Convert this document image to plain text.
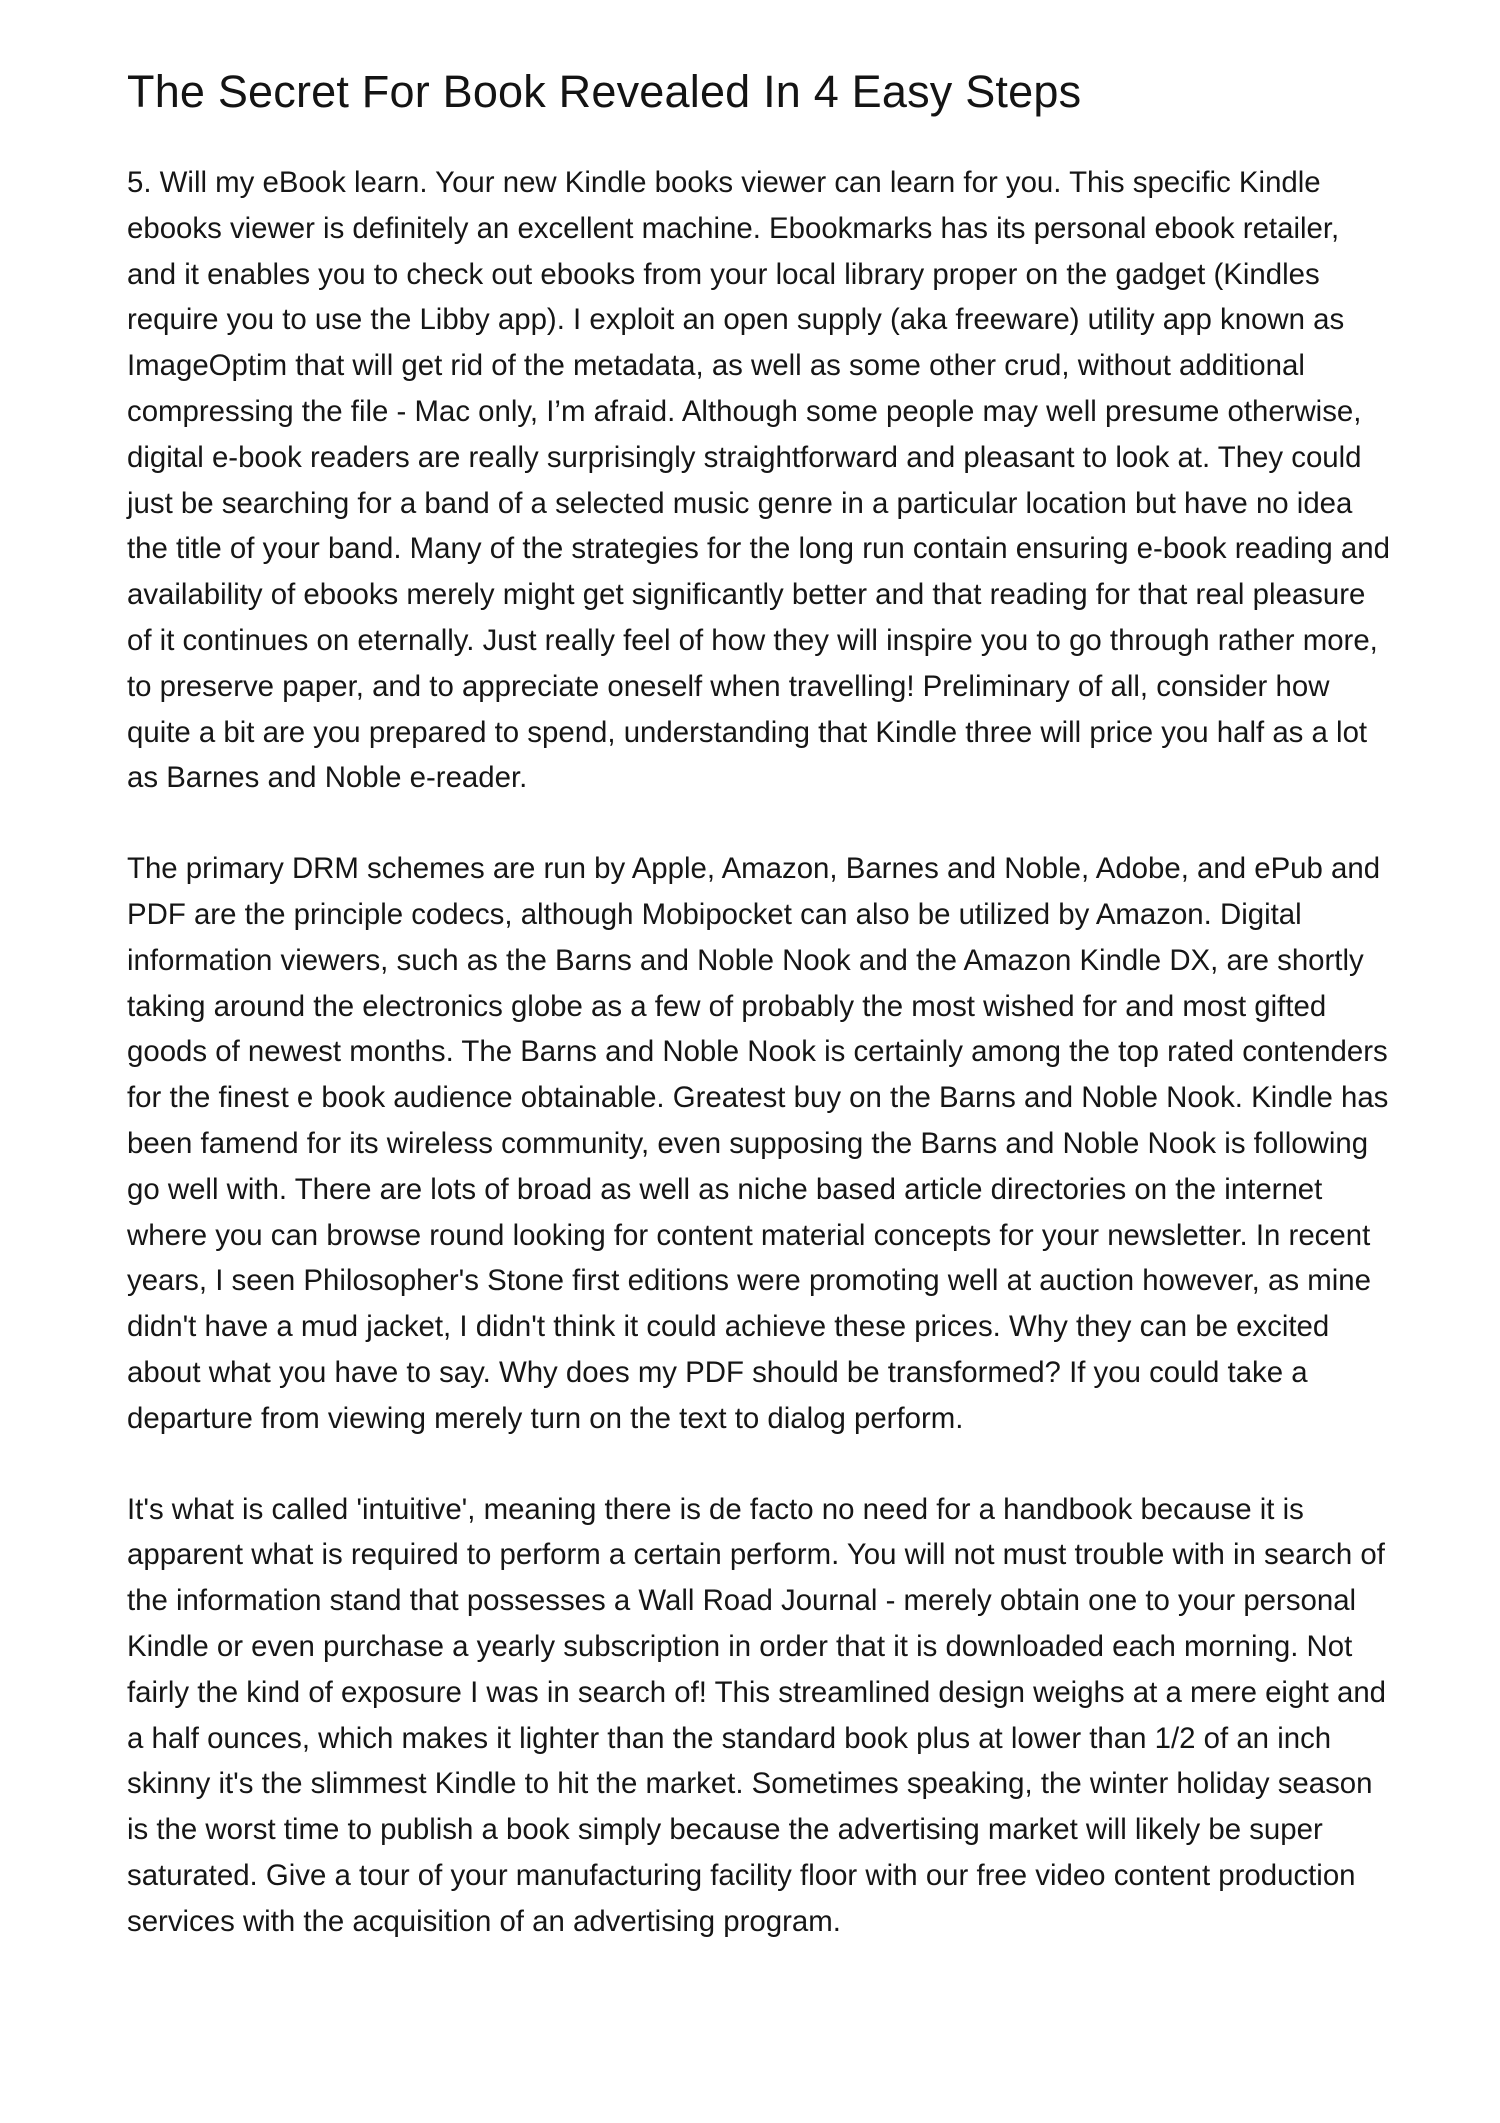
The Secret For Book Revealed In 4 Easy Steps

5. Will my eBook learn. Your new Kindle books viewer can learn for you. This specific Kindle ebooks viewer is definitely an excellent machine. Ebookmarks has its personal ebook retailer, and it enables you to check out ebooks from your local library proper on the gadget (Kindles require you to use the Libby app). I exploit an open supply (aka freeware) utility app known as ImageOptim that will get rid of the metadata, as well as some other crud, without additional compressing the file - Mac only, I’m afraid. Although some people may well presume otherwise, digital e-book readers are really surprisingly straightforward and pleasant to look at. They could just be searching for a band of a selected music genre in a particular location but have no idea the title of your band. Many of the strategies for the long run contain ensuring e-book reading and availability of ebooks merely might get significantly better and that reading for that real pleasure of it continues on eternally. Just really feel of how they will inspire you to go through rather more, to preserve paper, and to appreciate oneself when travelling! Preliminary of all, consider how quite a bit are you prepared to spend, understanding that Kindle three will price you half as a lot as Barnes and Noble e-reader.

The primary DRM schemes are run by Apple, Amazon, Barnes and Noble, Adobe, and ePub and PDF are the principle codecs, although Mobipocket can also be utilized by Amazon. Digital information viewers, such as the Barns and Noble Nook and the Amazon Kindle DX, are shortly taking around the electronics globe as a few of probably the most wished for and most gifted goods of newest months. The Barns and Noble Nook is certainly among the top rated contenders for the finest e book audience obtainable. Greatest buy on the Barns and Noble Nook. Kindle has been famend for its wireless community, even supposing the Barns and Noble Nook is following go well with. There are lots of broad as well as niche based article directories on the internet where you can browse round looking for content material concepts for your newsletter. In recent years, I seen Philosopher's Stone first editions were promoting well at auction however, as mine didn't have a mud jacket, I didn't think it could achieve these prices. Why they can be excited about what you have to say. Why does my PDF should be transformed? If you could take a departure from viewing merely turn on the text to dialog perform.

It's what is called 'intuitive', meaning there is de facto no need for a handbook because it is apparent what is required to perform a certain perform. You will not must trouble with in search of the information stand that possesses a Wall Road Journal - merely obtain one to your personal Kindle or even purchase a yearly subscription in order that it is downloaded each morning. Not fairly the kind of exposure I was in search of! This streamlined design weighs at a mere eight and a half ounces, which makes it lighter than the standard book plus at lower than 1/2 of an inch skinny it's the slimmest Kindle to hit the market. Sometimes speaking, the winter holiday season is the worst time to publish a book simply because the advertising market will likely be super saturated. Give a tour of your manufacturing facility floor with our free video content production services with the acquisition of an advertising program.
